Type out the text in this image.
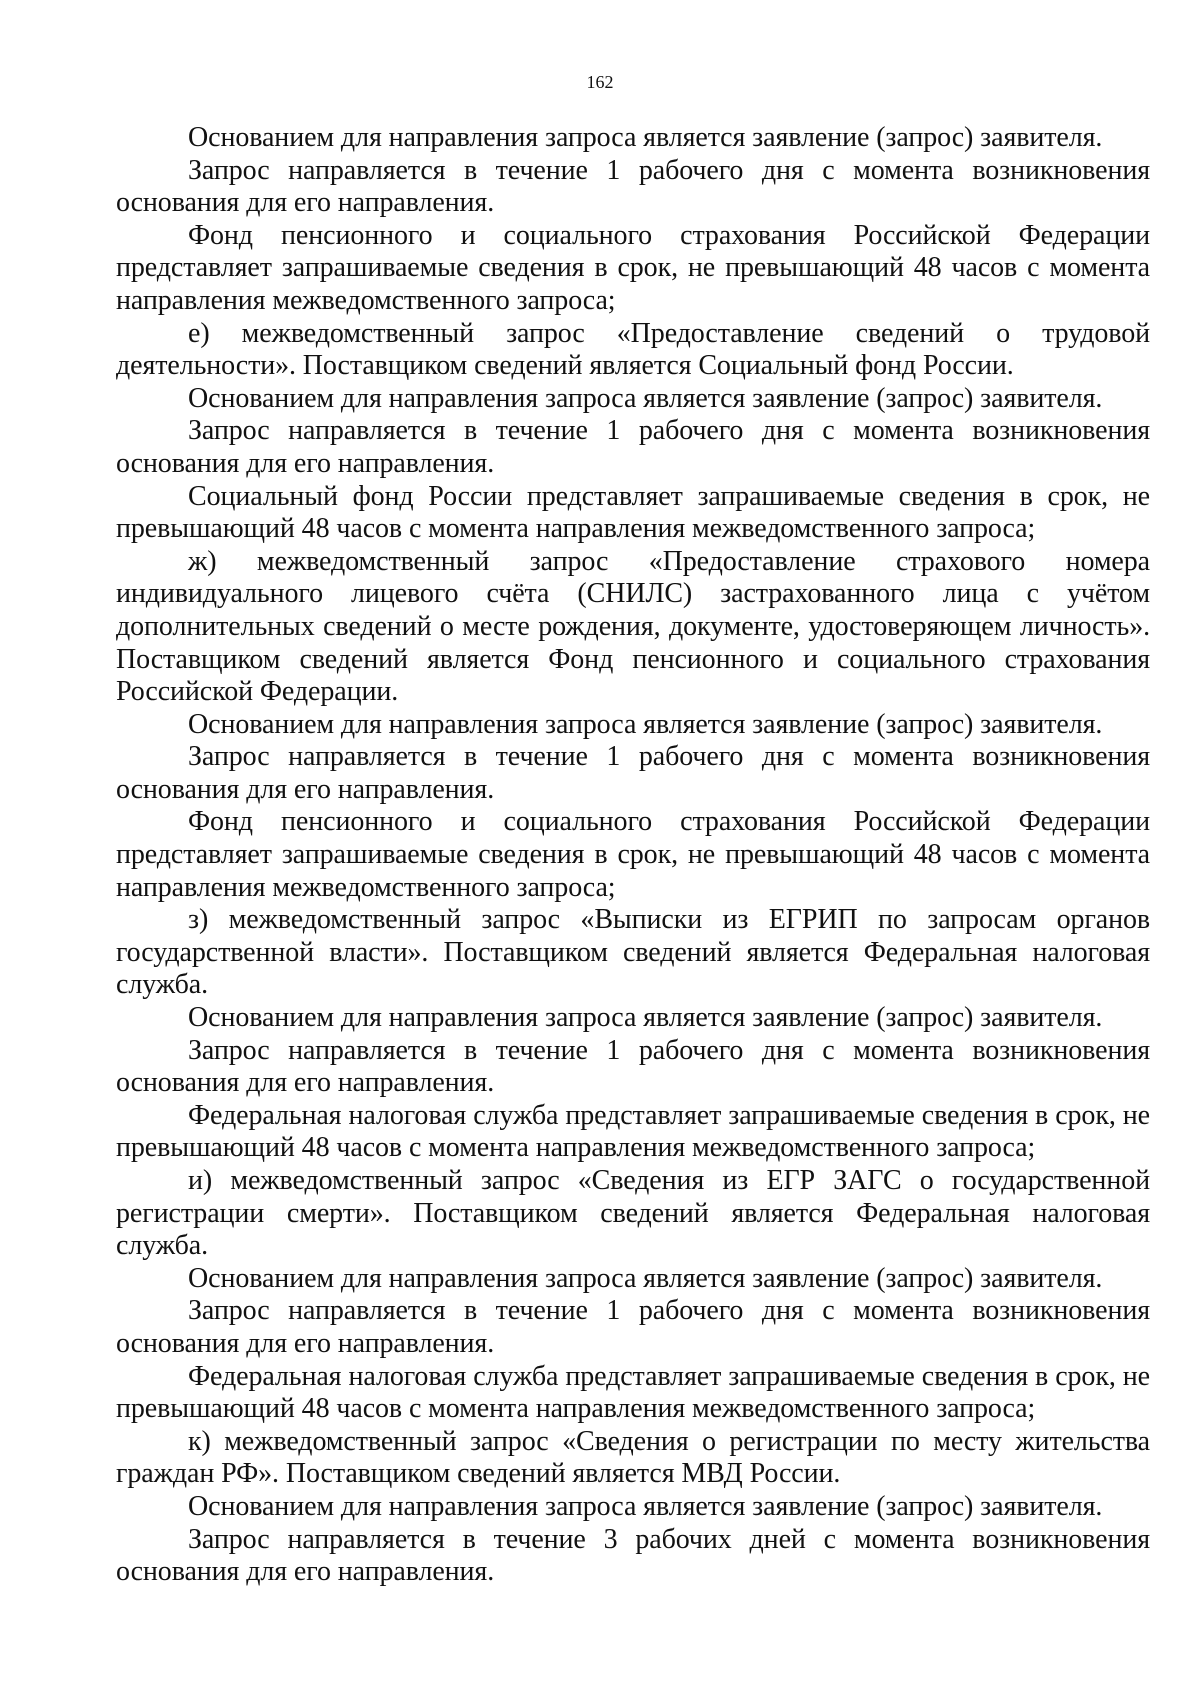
162

Основанием для направления запроса является заявление (запрос) заявителя.

Запрос направляется в течение 1 рабочего дня с момента возникновения основания для его направления.

Фонд пенсионного и социального страхования Российской Федерации представляет запрашиваемые сведения в срок, не превышающий 48 часов с момента направления межведомственного запроса;

е) межведомственный запрос «Предоставление сведений о трудовой деятельности». Поставщиком сведений является Социальный фонд России.

Основанием для направления запроса является заявление (запрос) заявителя.

Запрос направляется в течение 1 рабочего дня с момента возникновения основания для его направления.

Социальный фонд России представляет запрашиваемые сведения в срок, не превышающий 48 часов с момента направления межведомственного запроса;

ж) межведомственный запрос «Предоставление страхового номера индивидуального лицевого счёта (СНИЛС) застрахованного лица с учётом дополнительных сведений о месте рождения, документе, удостоверяющем личность». Поставщиком сведений является Фонд пенсионного и социального страхования Российской Федерации.

Основанием для направления запроса является заявление (запрос) заявителя.

Запрос направляется в течение 1 рабочего дня с момента возникновения основания для его направления.

Фонд пенсионного и социального страхования Российской Федерации представляет запрашиваемые сведения в срок, не превышающий 48 часов с момента направления межведомственного запроса;

з) межведомственный запрос «Выписки из ЕГРИП по запросам органов государственной власти». Поставщиком сведений является Федеральная налоговая служба.

Основанием для направления запроса является заявление (запрос) заявителя.

Запрос направляется в течение 1 рабочего дня с момента возникновения основания для его направления.

Федеральная налоговая служба представляет запрашиваемые сведения в срок, не превышающий 48 часов с момента направления межведомственного запроса;

и) межведомственный запрос «Сведения из ЕГР ЗАГС о государственной регистрации смерти». Поставщиком сведений является Федеральная налоговая служба.

Основанием для направления запроса является заявление (запрос) заявителя.

Запрос направляется в течение 1 рабочего дня с момента возникновения основания для его направления.

Федеральная налоговая служба представляет запрашиваемые сведения в срок, не превышающий 48 часов с момента направления межведомственного запроса;

к) межведомственный запрос «Сведения о регистрации по месту жительства граждан РФ». Поставщиком сведений является МВД России.

Основанием для направления запроса является заявление (запрос) заявителя.

Запрос направляется в течение 3 рабочих дней с момента возникновения основания для его направления.
